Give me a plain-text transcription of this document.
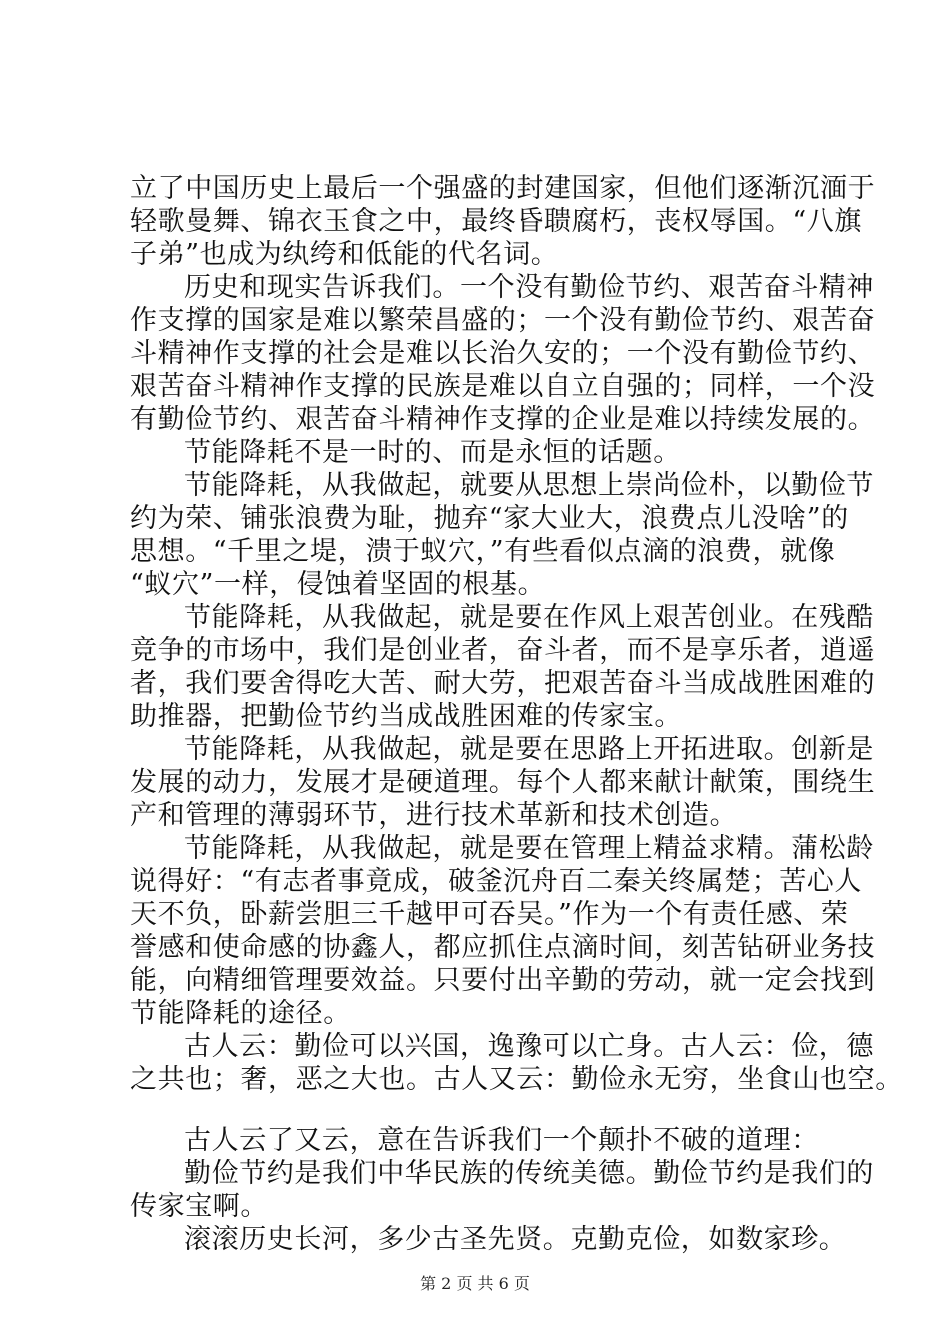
立了中国历史上最后一个强盛的封建国家，但他们逐渐沉湎于
轻歌曼舞、锦衣玉食之中，最终昏聩腐朽，丧权辱国。“八旗
子弟”也成为纨绔和低能的代名词。
历史和现实告诉我们。一个没有勤俭节约、艰苦奋斗精神
作支撑的国家是难以繁荣昌盛的；一个没有勤俭节约、艰苦奋
斗精神作支撑的社会是难以长治久安的；一个没有勤俭节约、
艰苦奋斗精神作支撑的民族是难以自立自强的；同样，一个没
有勤俭节约、艰苦奋斗精神作支撑的企业是难以持续发展的。
节能降耗不是一时的、而是永恒的话题。
节能降耗，从我做起，就要从思想上崇尚俭朴，以勤俭节
约为荣、铺张浪费为耻，抛弃“家大业大，浪费点儿没啥”的
思想。“千里之堤，溃于蚁穴，”有些看似点滴的浪费，就像
“蚁穴”一样，侵蚀着坚固的根基。
节能降耗，从我做起，就是要在作风上艰苦创业。在残酷
竞争的市场中，我们是创业者，奋斗者，而不是享乐者，逍遥
者，我们要舍得吃大苦、耐大劳，把艰苦奋斗当成战胜困难的
助推器，把勤俭节约当成战胜困难的传家宝。
节能降耗，从我做起，就是要在思路上开拓进取。创新是
发展的动力，发展才是硬道理。每个人都来献计献策，围绕生
产和管理的薄弱环节，进行技术革新和技术创造。
节能降耗，从我做起，就是要在管理上精益求精。蒲松龄
说得好：“有志者事竟成，破釜沉舟百二秦关终属楚；苦心人
天不负，卧薪尝胆三千越甲可吞吴。”作为一个有责任感、荣
誉感和使命感的协鑫人，都应抓住点滴时间，刻苦钻研业务技
能，向精细管理要效益。只要付出辛勤的劳动，就一定会找到
节能降耗的途径。
古人云：勤俭可以兴国，逸豫可以亡身。古人云：俭，德
之共也；奢，恶之大也。古人又云：勤俭永无穷，坐食山也空。
古人云了又云，意在告诉我们一个颠扑不破的道理：
勤俭节约是我们中华民族的传统美德。勤俭节约是我们的
传家宝啊。
滚滚历史长河，多少古圣先贤。克勤克俭，如数家珍。
第 2 页 共 6 页
